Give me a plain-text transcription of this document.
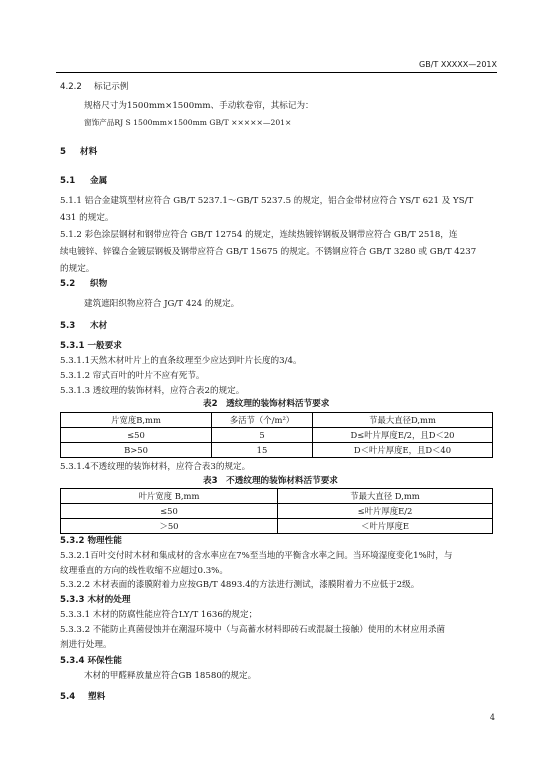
GB/T XXXXX—201X
4.2.2 标记示例
规格尺寸为1500mm×1500mm、手动软卷帘，其标记为：
窗饰产品RJ S 1500mm×1500mm GB/T ×××××—201×
5 材料
5.1 金属
5.1.1 铝合金建筑型材应符合 GB/T 5237.1～GB/T 5237.5 的规定，铝合金带材应符合 YS/T 621 及 YS/T
431 的规定。
5.1.2 彩色涂层钢材和钢带应符合 GB/T 12754 的规定，连续热镀锌钢板及钢带应符合 GB/T 2518，连
续电镀锌、锌镍合金镀层钢板及钢带应符合 GB/T 15675 的规定。不锈钢应符合 GB/T 3280 或 GB/T 4237
的规定。
5.2 织物
建筑遮阳织物应符合 JG/T 424 的规定。
5.3 木材
5.3.1 一般要求
5.3.1.1天然木材叶片上的直条纹理至少应达到叶片长度的3/4。
5.3.1.2 帘式百叶的叶片不应有死节。
5.3.1.3 透纹理的装饰材料，应符合表2的规定。
表2　透纹理的装饰材料活节要求
片宽度B,mm	多活节（个/m²）	节最大直径D,mm
≤50	5	D≤叶片厚度E/2，且D＜20
B>50	15	D＜叶片厚度E，且D＜40
5.3.1.4不透纹理的装饰材料，应符合表3的规定。
表3　不透纹理的装饰材料活节要求
叶片宽度 B,mm	节最大直径 D,mm
≤50	≤叶片厚度E/2
＞50	＜叶片厚度E
5.3.2 物理性能
5.3.2.1百叶交付时木材和集成材的含水率应在7%至当地的平衡含水率之间。当环境湿度变化1%时，与
纹理垂直的方向的线性收缩不应超过0.3%。
5.3.2.2 木材表面的漆膜附着力应按GB/T 4893.4的方法进行测试，漆膜附着力不应低于2级。
5.3.3 木材的处理
5.3.3.1 木材的防腐性能应符合LY/T 1636的规定；
5.3.3.2 不能防止真菌侵蚀并在潮湿环境中（与高蓄水材料即砖石或混凝土接触）使用的木材应用杀菌
剂进行处理。
5.3.4 环保性能
木材的甲醛释放量应符合GB 18580的规定。
5.4 塑料
4
